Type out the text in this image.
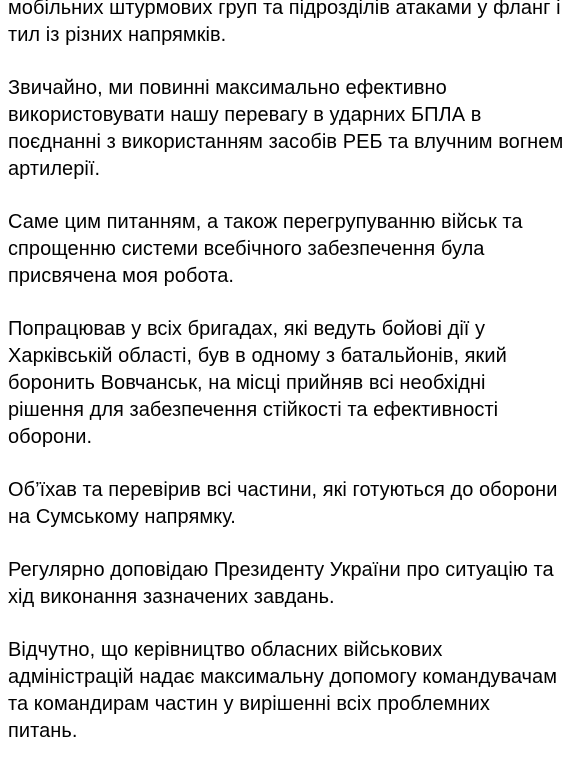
мобільних штурмових груп та підрозділів атаками у фланг і
тил із різних напрямків.

Звичайно, ми повинні максимально ефективно
використовувати нашу перевагу в ударних БПЛА в
поєднанні з використанням засобів РЕБ та влучним вогнем
артилерії.

Саме цим питанням, а також перегрупуванню військ та
спрощенню системи всебічного забезпечення була
присвячена моя робота.

Попрацював у всіх бригадах, які ведуть бойові дії у
Харківській області, був в одному з батальйонів, який
боронить Вовчанськ, на місці прийняв всі необхідні
рішення для забезпечення стійкості та ефективності
оборони.

Об’їхав та перевірив всі частини, які готуються до оборони
на Сумському напрямку.

Регулярно доповідаю Президенту України про ситуацію та
хід виконання зазначених завдань.

Відчутно, що керівництво обласних військових
адміністрацій надає максимальну допомогу командувачам
та командирам частин у вирішенні всіх проблемних
питань.
